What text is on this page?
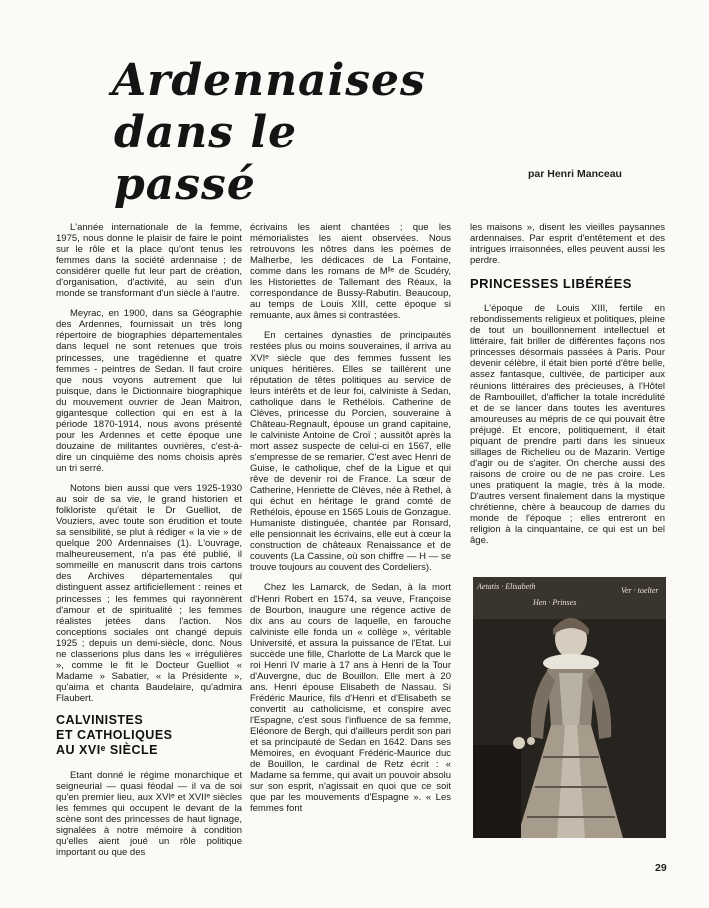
Ardennaises
dans le passé	par Henri Manceau

L'année internationale de la femme, 1975, nous donne le plaisir de faire le point sur le rôle et la place qu'ont tenus les femmes dans la société ardennaise ; de considérer quelle fut leur part de création, d'organisation, d'activité, au sein d'un monde se transformant d'un siècle à l'autre.

Meyrac, en 1900, dans sa Géographie des Ardennes, fournissait un très long répertoire de biographies départementales dans lequel ne sont retenues que trois princesses, une tragédienne et quatre femmes - peintres de Sedan. Il faut croire que nous voyons autrement que lui puisque, dans le Dictionnaire biographique du mouvement ouvrier de Jean Maitron, gigantesque collection qui en est à la période 1870-1914, nous avons présenté pour les Ardennes et cette époque une douzaine de militantes ouvrières, c'est-à-dire un cinquième des noms choisis après un tri serré.

Notons bien aussi que vers 1925-1930 au soir de sa vie, le grand historien et folkloriste qu'était le Dr Guelliot, de Vouziers, avec toute son érudition et toute sa sensibilité, se plut à rédiger « la vie » de quelque 200 Ardennaises (1). L'ouvrage, malheureusement, n'a pas été publié, il sommeille en manuscrit dans trois cartons des Archives départementales qui distinguent assez artificiellement : reines et princesses ; les femmes qui rayonnèrent d'amour et de spiritualité ; les femmes réalistes jetées dans l'action. Nos conceptions sociales ont changé depuis 1925 ; depuis un demi-siècle, donc. Nous ne classerions plus dans les « irrégulières », comme le fit le Docteur Guelliot « Madame » Sabatier, « la Présidente », qu'aima et chanta Baudelaire, qu'admira Flaubert.

CALVINISTES
ET CATHOLIQUES
AU XVIᵉ SIÈCLE

Etant donné le régime monarchique et seigneurial — quasi féodal — il va de soi qu'en premier lieu, aux XVIᵉ et XVIIᵉ siècles les femmes qui occupent le devant de la scène sont des princesses de haut lignage, signalées à notre mémoire à condition qu'elles aient joué un rôle politique important ou que des

écrivains les aient chantées ; que les mémorialistes les aient observées. Nous retrouvons les nôtres dans les poèmes de Malherbe, les dédicaces de La Fontaine, comme dans les romans de Mˡˡᵉ de Scudéry, les Historiettes de Tallemant des Réaux, la correspondance de Bussy-Rabutin. Beaucoup, au temps de Louis XIII, cette époque si remuante, aux âmes si contrastées.

En certaines dynasties de principautés restées plus ou moins souveraines, il arriva au XVIᵉ siècle que des femmes fussent les uniques héritières. Elles se taillèrent une réputation de têtes politiques au service de leurs intérêts et de leur foi, calviniste à Sedan, catholique dans le Rethélois. Catherine de Clèves, princesse du Porcien, souveraine à Château-Regnault, épouse un grand capitaine, le calviniste Antoine de Croï ; aussitôt après la mort assez suspecte de celui-ci en 1567, elle s'empresse de se remarier. C'est avec Henri de Guise, le catholique, chef de la Ligue et qui rêve de devenir roi de France. La sœur de Catherine, Henriette de Clèves, née à Rethel, à qui échut en héritage le grand comté de Rethélois, épouse en 1565 Louis de Gonzague. Humaniste distinguée, chantée par Ronsard, elle pensionnait les écrivains, elle eut à cœur la construction de châteaux Renaissance et de couvents (La Cassine, où son chiffre — H — se trouve toujours au couvent des Cordeliers).

Chez les Lamarck, de Sedan, à la mort d'Henri Robert en 1574, sa veuve, Françoise de Bourbon, inaugure une régence active de dix ans au cours de laquelle, en farouche calviniste elle fonda un « collège », véritable Université, et assura la puissance de l'Etat. Lui succède une fille, Charlotte de La Marck que le roi Henri IV marie à 17 ans à Henri de la Tour d'Auvergne, duc de Bouillon. Elle mert à 20 ans. Henri épouse Elisabeth de Nassau. Si Frédéric Maurice, fils d'Henri et d'Elisabeth se convertit au catholicisme, et conspire avec l'Espagne, c'est sous l'influence de sa femme, Eléonore de Bergh, qui d'ailleurs perdit son pari et sa principauté de Sedan en 1642. Dans ses Mémoires, en évoquant Frédéric-Maurice duc de Bouillon, le cardinal de Retz écrit : « Madame sa femme, qui avait un pouvoir absolu sur son esprit, n'agissait en quoi que ce soit que par les mouvements d'Espagne ». « Les femmes font

les maisons », disent les vieilles paysannes ardennaises. Par esprit d'entêtement et des intrigues irraisonnées, elles peuvent aussi les perdre.

PRINCESSES LIBÉRÉES

L'époque de Louis XIII, fertile en rebondissements religieux et politiques, pleine de tout un bouillonnement intellectuel et littéraire, fait briller de différentes façons nos princesses désormais passées à Paris. Pour devenir célèbre, il était bien porté d'être belle, assez fantasque, cultivée, de participer aux réunions littéraires des précieuses, à l'Hôtel de Rambouillet, d'afficher la totale incrédulité et de se lancer dans toutes les aventures amoureuses au mépris de ce qui pouvait être préjugé. Et encore, politiquement, il était piquant de prendre parti dans les sinueux sillages de Richelieu ou de Mazarin. Vertige d'agir ou de s'agiter. On cherche aussi des raisons de croire ou de ne pas croire. Les unes pratiquent la magie, très à la mode. D'autres versent finalement dans la mystique chrétienne, chère à beaucoup de dames du monde de l'époque ; elles entreront en religion à la cinquantaine, ce qui est un bel âge.

Aetatis · Elisabeth
Hen · Prinses
Ver · toelter
29
